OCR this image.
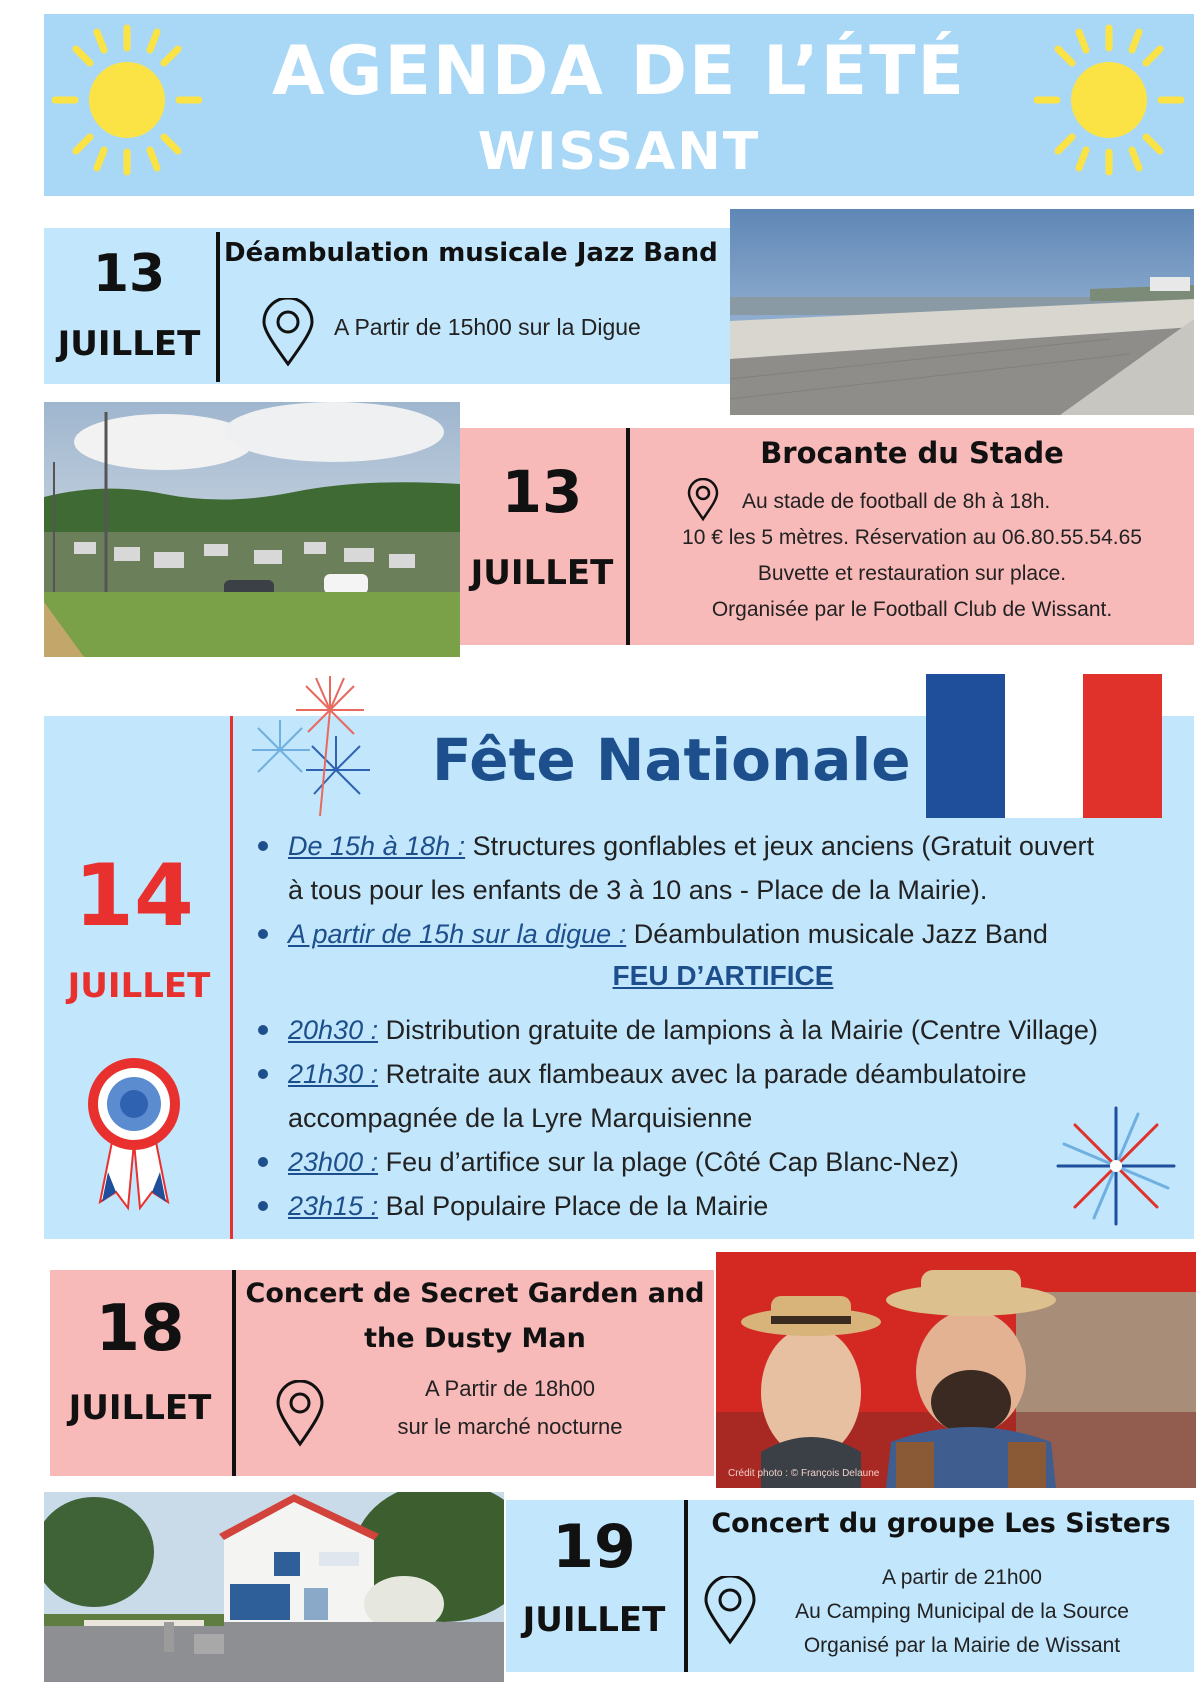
AGENDA DE L’ÉTÉ
WISSANT
13
JUILLET
Déambulation musicale Jazz Band
A Partir de 15h00 sur la Digue
13
JUILLET
Brocante du Stade
Au stade de football de 8h à 18h.
10 € les 5 mètres. Réservation au 06.80.55.54.65
Buvette et restauration sur place.
Organisée par le Football Club de Wissant.
14
JUILLET
Fête Nationale
De 15h à 18h : Structures gonflables et jeux anciens (Gratuit ouvert
à tous pour les enfants de 3 à 10 ans - Place de la Mairie).
A partir de 15h sur la digue : Déambulation musicale Jazz Band
FEU D’ARTIFICE
20h30 : Distribution gratuite de lampions à la Mairie (Centre Village)
21h30 : Retraite aux flambeaux avec la parade déambulatoire
accompagnée de la Lyre Marquisienne
23h00 : Feu d’artifice sur la plage (Côté Cap Blanc-Nez)
23h15 : Bal Populaire Place de la Mairie
18
JUILLET
Concert de Secret Garden and
the Dusty Man
A Partir de 18h00
sur le marché nocturne
Crédit photo : © François Delaune
19
JUILLET
Concert du groupe Les Sisters
A partir de 21h00
Au Camping Municipal de la Source
Organisé par la Mairie de Wissant
